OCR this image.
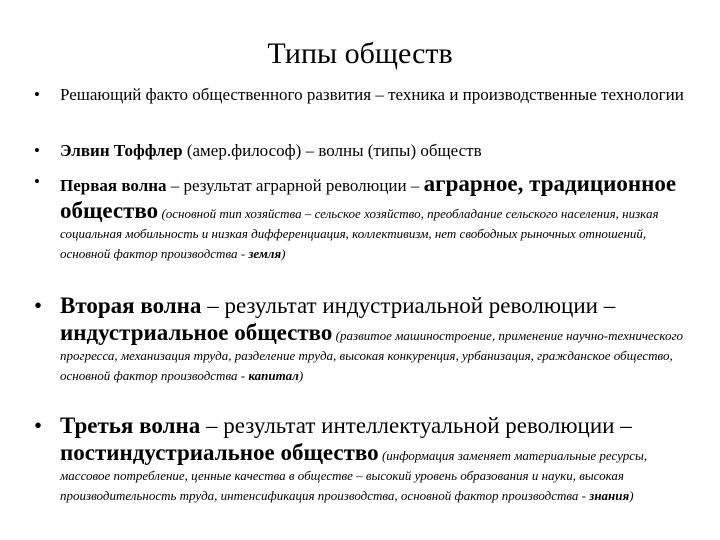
Типы обществ
• Решающий факто общественного развития – техника и производственные технологии
• Элвин Тоффлер (амер.философ) – волны (типы) обществ
• Первая волна – результат аграрной революции – аграрное, традиционное общество (основной тип хозяйства – сельское хозяйство, преобладание сельского населения, низкая социальная мобильность и низкая дифференциация, коллективизм, нет свободных рыночных отношений, основной фактор производства - земля)
• Вторая волна – результат индустриальной революции – индустриальное общество (развитое машиностроение, применение научно-технического прогресса, механизация труда, разделение труда, высокая конкуренция, урбанизация, гражданское общество, основной фактор производства - капитал)
• Третья волна – результат интеллектуальной революции – постиндустриальное общество (информация заменяет материальные ресурсы, массовое потребление, ценные качества в обществе – высокий уровень образования и науки, высокая производительность труда, интенсификация производства, основной фактор производства - знания)
